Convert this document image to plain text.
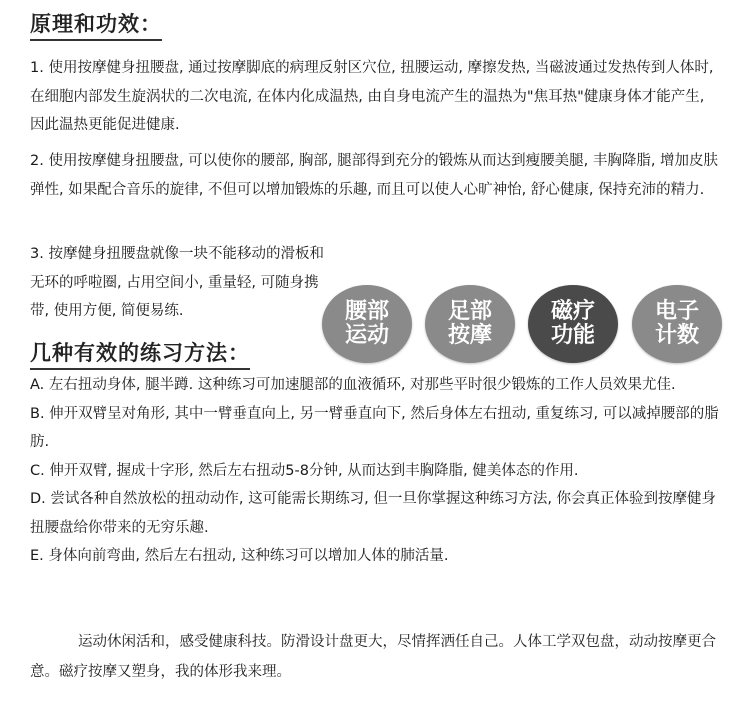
原理和功效：
1. 使用按摩健身扭腰盘, 通过按摩脚底的病理反射区穴位, 扭腰运动, 摩擦发热, 当磁波通过发热传到人体时, 在细胞内部发生旋涡状的二次电流, 在体内化成温热, 由自身电流产生的温热为"焦耳热"健康身体才能产生, 因此温热更能促进健康.
2. 使用按摩健身扭腰盘, 可以使你的腰部, 胸部, 腿部得到充分的锻炼从而达到瘦腰美腿, 丰胸降脂, 增加皮肤弹性, 如果配合音乐的旋律, 不但可以增加锻炼的乐趣, 而且可以使人心旷神怡, 舒心健康, 保持充沛的精力.
3. 按摩健身扭腰盘就像一块不能移动的滑板和无环的呼啦圈, 占用空间小, 重量轻, 可随身携带, 使用方便, 简便易练.	腰部
运动
足部
按摩
磁疗
功能
电子
计数
几种有效的练习方法：
A. 左右扭动身体, 腿半蹲. 这种练习可加速腿部的血液循环, 对那些平时很少锻炼的工作人员效果尤佳.
B. 伸开双臂呈对角形, 其中一臂垂直向上, 另一臂垂直向下, 然后身体左右扭动, 重复练习, 可以减掉腰部的脂肪.
C. 伸开双臂, 握成十字形, 然后左右扭动5-8分钟, 从而达到丰胸降脂, 健美体态的作用.
D. 尝试各种自然放松的扭动动作, 这可能需长期练习, 但一旦你掌握这种练习方法, 你会真正体验到按摩健身扭腰盘给你带来的无穷乐趣.
E. 身体向前弯曲, 然后左右扭动, 这种练习可以增加人体的肺活量.
运动休闲活和，感受健康科技。防滑设计盘更大，尽情挥洒任自己。人体工学双包盘，动动按摩更合意。磁疗按摩又塑身，我的体形我来理。
